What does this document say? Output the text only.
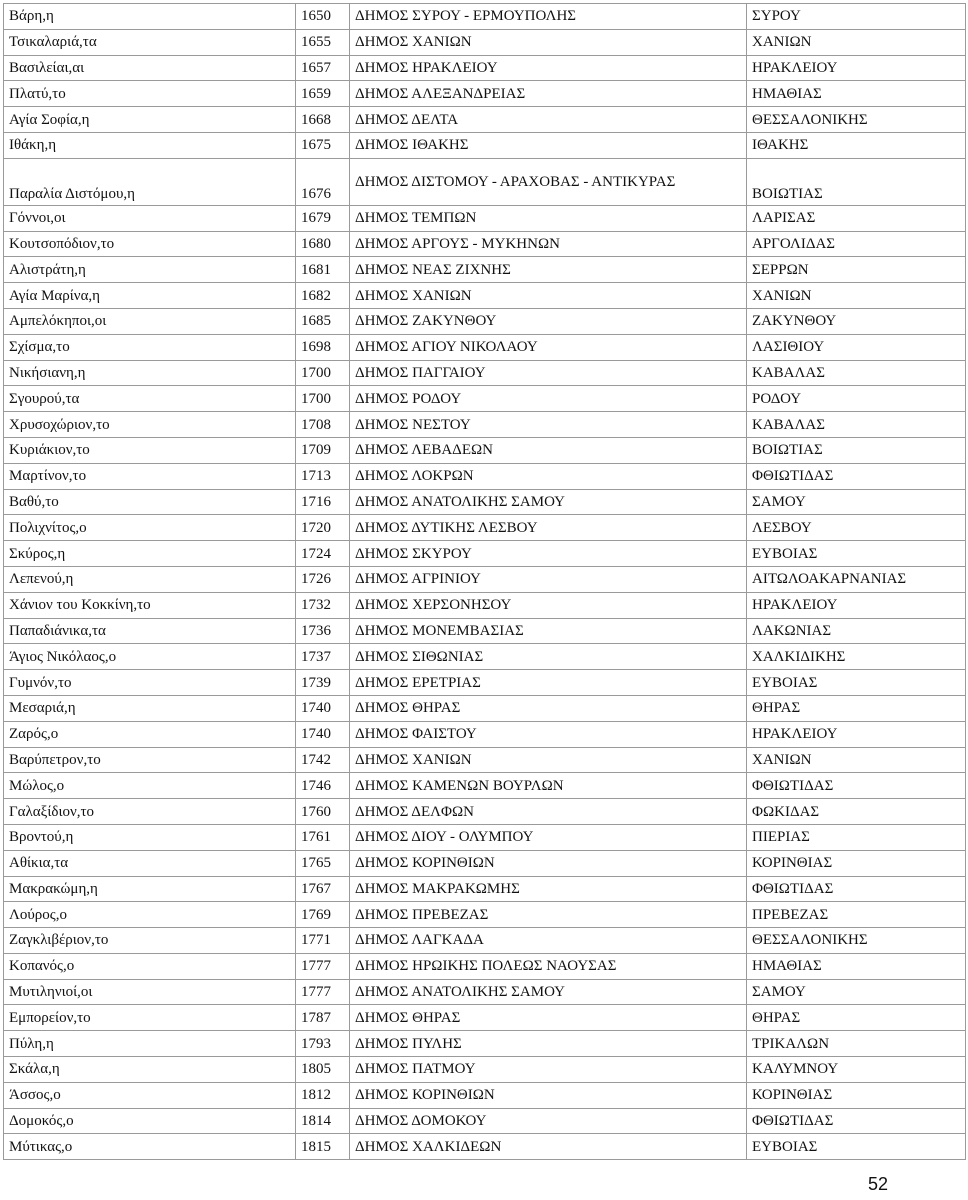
Βάρη,η	1650	ΔΗΜΟΣ ΣΥΡΟΥ - ΕΡΜΟΥΠΟΛΗΣ	ΣΥΡΟΥ
Τσικαλαριά,τα	1655	ΔΗΜΟΣ ΧΑΝΙΩΝ	ΧΑΝΙΩΝ
Βασιλείαι,αι	1657	ΔΗΜΟΣ ΗΡΑΚΛΕΙΟΥ	ΗΡΑΚΛΕΙΟΥ
Πλατύ,το	1659	ΔΗΜΟΣ ΑΛΕΞΑΝΔΡΕΙΑΣ	ΗΜΑΘΙΑΣ
Αγία Σοφία,η	1668	ΔΗΜΟΣ ΔΕΛΤΑ	ΘΕΣΣΑΛΟΝΙΚΗΣ
Ιθάκη,η	1675	ΔΗΜΟΣ ΙΘΑΚΗΣ	ΙΘΑΚΗΣ
Παραλία Διστόμου,η	1676	ΔΗΜΟΣ ΔΙΣΤΟΜΟΥ - ΑΡΑΧΟΒΑΣ - ΑΝΤΙΚΥΡΑΣ	ΒΟΙΩΤΙΑΣ
Γόννοι,οι	1679	ΔΗΜΟΣ ΤΕΜΠΩΝ	ΛΑΡΙΣΑΣ
Κουτσοπόδιον,το	1680	ΔΗΜΟΣ ΑΡΓΟΥΣ - ΜΥΚΗΝΩΝ	ΑΡΓΟΛΙΔΑΣ
Αλιστράτη,η	1681	ΔΗΜΟΣ ΝΕΑΣ ΖΙΧΝΗΣ	ΣΕΡΡΩΝ
Αγία Μαρίνα,η	1682	ΔΗΜΟΣ ΧΑΝΙΩΝ	ΧΑΝΙΩΝ
Αμπελόκηποι,οι	1685	ΔΗΜΟΣ ΖΑΚΥΝΘΟΥ	ΖΑΚΥΝΘΟΥ
Σχίσμα,το	1698	ΔΗΜΟΣ ΑΓΙΟΥ ΝΙΚΟΛΑΟΥ	ΛΑΣΙΘΙΟΥ
Νικήσιανη,η	1700	ΔΗΜΟΣ ΠΑΓΓΑΙΟΥ	ΚΑΒΑΛΑΣ
Σγουρού,τα	1700	ΔΗΜΟΣ ΡΟΔΟΥ	ΡΟΔΟΥ
Χρυσοχώριον,το	1708	ΔΗΜΟΣ ΝΕΣΤΟΥ	ΚΑΒΑΛΑΣ
Κυριάκιον,το	1709	ΔΗΜΟΣ ΛΕΒΑΔΕΩΝ	ΒΟΙΩΤΙΑΣ
Μαρτίνον,το	1713	ΔΗΜΟΣ ΛΟΚΡΩΝ	ΦΘΙΩΤΙΔΑΣ
Βαθύ,το	1716	ΔΗΜΟΣ ΑΝΑΤΟΛΙΚΗΣ ΣΑΜΟΥ	ΣΑΜΟΥ
Πολιχνίτος,ο	1720	ΔΗΜΟΣ ΔΥΤΙΚΗΣ ΛΕΣΒΟΥ	ΛΕΣΒΟΥ
Σκύρος,η	1724	ΔΗΜΟΣ ΣΚΥΡΟΥ	ΕΥΒΟΙΑΣ
Λεπενού,η	1726	ΔΗΜΟΣ ΑΓΡΙΝΙΟΥ	ΑΙΤΩΛΟΑΚΑΡΝΑΝΙΑΣ
Χάνιον του Κοκκίνη,το	1732	ΔΗΜΟΣ ΧΕΡΣΟΝΗΣΟΥ	ΗΡΑΚΛΕΙΟΥ
Παπαδιάνικα,τα	1736	ΔΗΜΟΣ ΜΟΝΕΜΒΑΣΙΑΣ	ΛΑΚΩΝΙΑΣ
Άγιος Νικόλαος,ο	1737	ΔΗΜΟΣ ΣΙΘΩΝΙΑΣ	ΧΑΛΚΙΔΙΚΗΣ
Γυμνόν,το	1739	ΔΗΜΟΣ ΕΡΕΤΡΙΑΣ	ΕΥΒΟΙΑΣ
Μεσαριά,η	1740	ΔΗΜΟΣ ΘΗΡΑΣ	ΘΗΡΑΣ
Ζαρός,ο	1740	ΔΗΜΟΣ ΦΑΙΣΤΟΥ	ΗΡΑΚΛΕΙΟΥ
Βαρύπετρον,το	1742	ΔΗΜΟΣ ΧΑΝΙΩΝ	ΧΑΝΙΩΝ
Μώλος,ο	1746	ΔΗΜΟΣ ΚΑΜΕΝΩΝ ΒΟΥΡΛΩΝ	ΦΘΙΩΤΙΔΑΣ
Γαλαξίδιον,το	1760	ΔΗΜΟΣ ΔΕΛΦΩΝ	ΦΩΚΙΔΑΣ
Βροντού,η	1761	ΔΗΜΟΣ ΔΙΟΥ - ΟΛΥΜΠΟΥ	ΠΙΕΡΙΑΣ
Αθίκια,τα	1765	ΔΗΜΟΣ ΚΟΡΙΝΘΙΩΝ	ΚΟΡΙΝΘΙΑΣ
Μακρακώμη,η	1767	ΔΗΜΟΣ ΜΑΚΡΑΚΩΜΗΣ	ΦΘΙΩΤΙΔΑΣ
Λούρος,ο	1769	ΔΗΜΟΣ ΠΡΕΒΕΖΑΣ	ΠΡΕΒΕΖΑΣ
Ζαγκλιβέριον,το	1771	ΔΗΜΟΣ ΛΑΓΚΑΔΑ	ΘΕΣΣΑΛΟΝΙΚΗΣ
Κοπανός,ο	1777	ΔΗΜΟΣ ΗΡΩΙΚΗΣ ΠΟΛΕΩΣ ΝΑΟΥΣΑΣ	ΗΜΑΘΙΑΣ
Μυτιληνιοί,οι	1777	ΔΗΜΟΣ ΑΝΑΤΟΛΙΚΗΣ ΣΑΜΟΥ	ΣΑΜΟΥ
Εμπορείον,το	1787	ΔΗΜΟΣ ΘΗΡΑΣ	ΘΗΡΑΣ
Πύλη,η	1793	ΔΗΜΟΣ ΠΥΛΗΣ	ΤΡΙΚΑΛΩΝ
Σκάλα,η	1805	ΔΗΜΟΣ ΠΑΤΜΟΥ	ΚΑΛΥΜΝΟΥ
Άσσος,ο	1812	ΔΗΜΟΣ ΚΟΡΙΝΘΙΩΝ	ΚΟΡΙΝΘΙΑΣ
Δομοκός,ο	1814	ΔΗΜΟΣ ΔΟΜΟΚΟΥ	ΦΘΙΩΤΙΔΑΣ
Μύτικας,ο	1815	ΔΗΜΟΣ ΧΑΛΚΙΔΕΩΝ	ΕΥΒΟΙΑΣ
52
